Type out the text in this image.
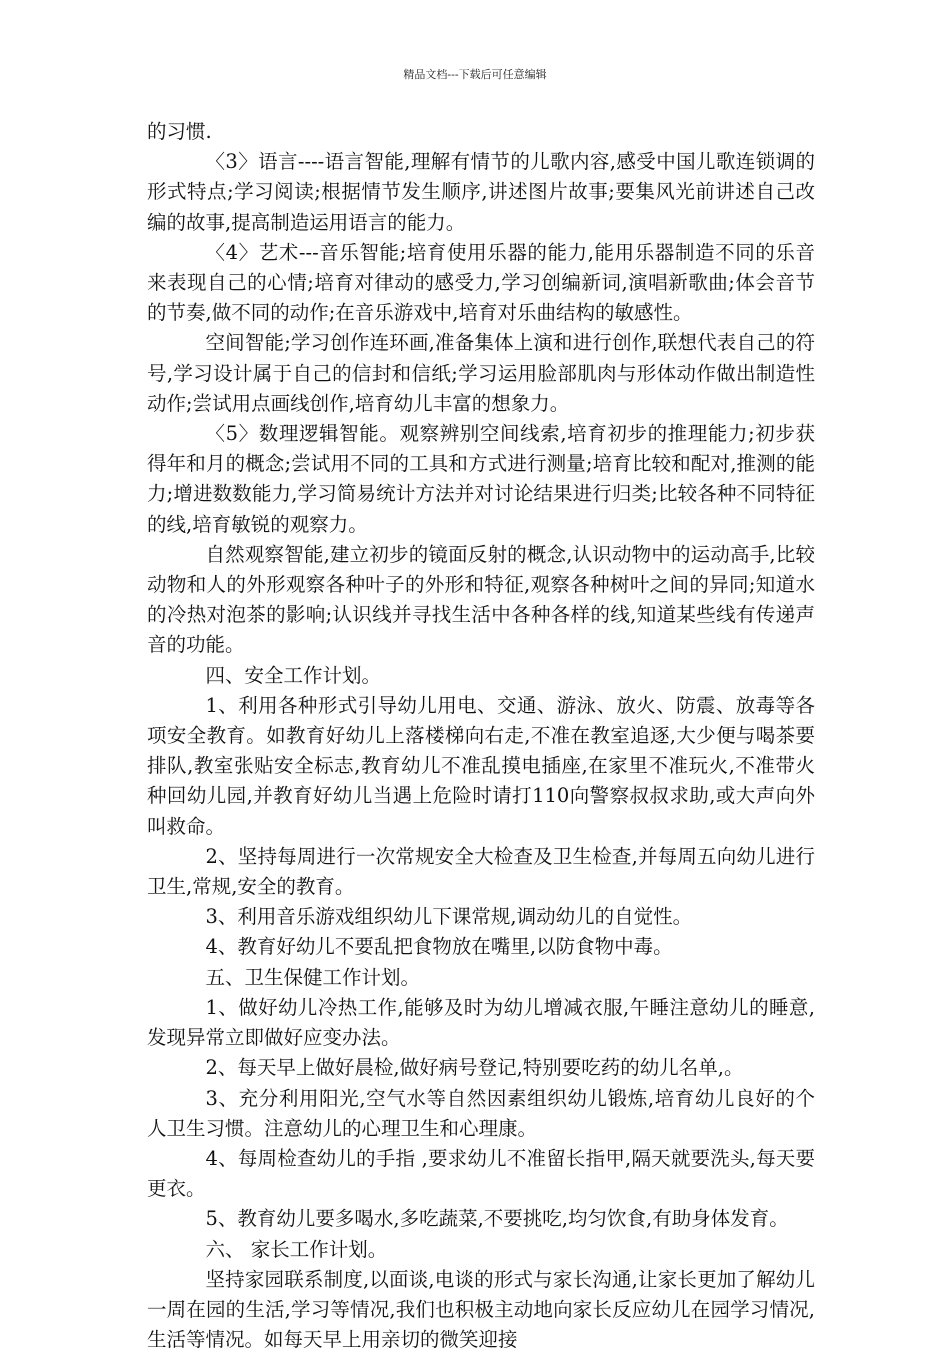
精品文档---下载后可任意编辑

的习惯.

〈3〉语言----语言智能,理解有情节的儿歌内容,感受中国儿歌连锁调的形式特点;学习阅读;根据情节发生顺序,讲述图片故事;要集风光前讲述自己改编的故事,提高制造运用语言的能力。

〈4〉艺术---音乐智能;培育使用乐器的能力,能用乐器制造不同的乐音来表现自己的心情;培育对律动的感受力,学习创编新词,演唱新歌曲;体会音节的节奏,做不同的动作;在音乐游戏中,培育对乐曲结构的敏感性。

空间智能;学习创作连环画,准备集体上演和进行创作,联想代表自己的符号,学习设计属于自己的信封和信纸;学习运用脸部肌肉与形体动作做出制造性动作;尝试用点画线创作,培育幼儿丰富的想象力。

〈5〉数理逻辑智能。观察辨别空间线索,培育初步的推理能力;初步获得年和月的概念;尝试用不同的工具和方式进行测量;培育比较和配对,推测的能力;增进数数能力,学习简易统计方法并对讨论结果进行归类;比较各种不同特征的线,培育敏锐的观察力。

自然观察智能,建立初步的镜面反射的概念,认识动物中的运动高手,比较动物和人的外形观察各种叶子的外形和特征,观察各种树叶之间的异同;知道水的冷热对泡茶的影响;认识线并寻找生活中各种各样的线,知道某些线有传递声音的功能。

四、安全工作计划。

1、利用各种形式引导幼儿用电、交通、游泳、放火、防震、放毒等各项安全教育。如教育好幼儿上落楼梯向右走,不准在教室追逐,大少便与喝茶要排队,教室张贴安全标志,教育幼儿不准乱摸电插座,在家里不准玩火,不准带火种回幼儿园,并教育好幼儿当遇上危险时请打110向警察叔叔求助,或大声向外叫救命。

2、坚持每周进行一次常规安全大检查及卫生检查,并每周五向幼儿进行卫生,常规,安全的教育。

3、利用音乐游戏组织幼儿下课常规,调动幼儿的自觉性。

4、教育好幼儿不要乱把食物放在嘴里,以防食物中毒。

五、卫生保健工作计划。

1、做好幼儿冷热工作,能够及时为幼儿增减衣服,午睡注意幼儿的睡意,发现异常立即做好应变办法。

2、每天早上做好晨检,做好病号登记,特别要吃药的幼儿名单,。

3、充分利用阳光,空气水等自然因素组织幼儿锻炼,培育幼儿良好的个人卫生习惯。注意幼儿的心理卫生和心理康。

4、每周检查幼儿的手指 ,要求幼儿不准留长指甲,隔天就要洗头,每天要更衣。

5、教育幼儿要多喝水,多吃蔬菜,不要挑吃,均匀饮食,有助身体发育。

六、 家长工作计划。

坚持家园联系制度,以面谈,电谈的形式与家长沟通,让家长更加了解幼儿一周在园的生活,学习等情况,我们也积极主动地向家长反应幼儿在园学习情况,生活等情况。如每天早上用亲切的微笑迎接
